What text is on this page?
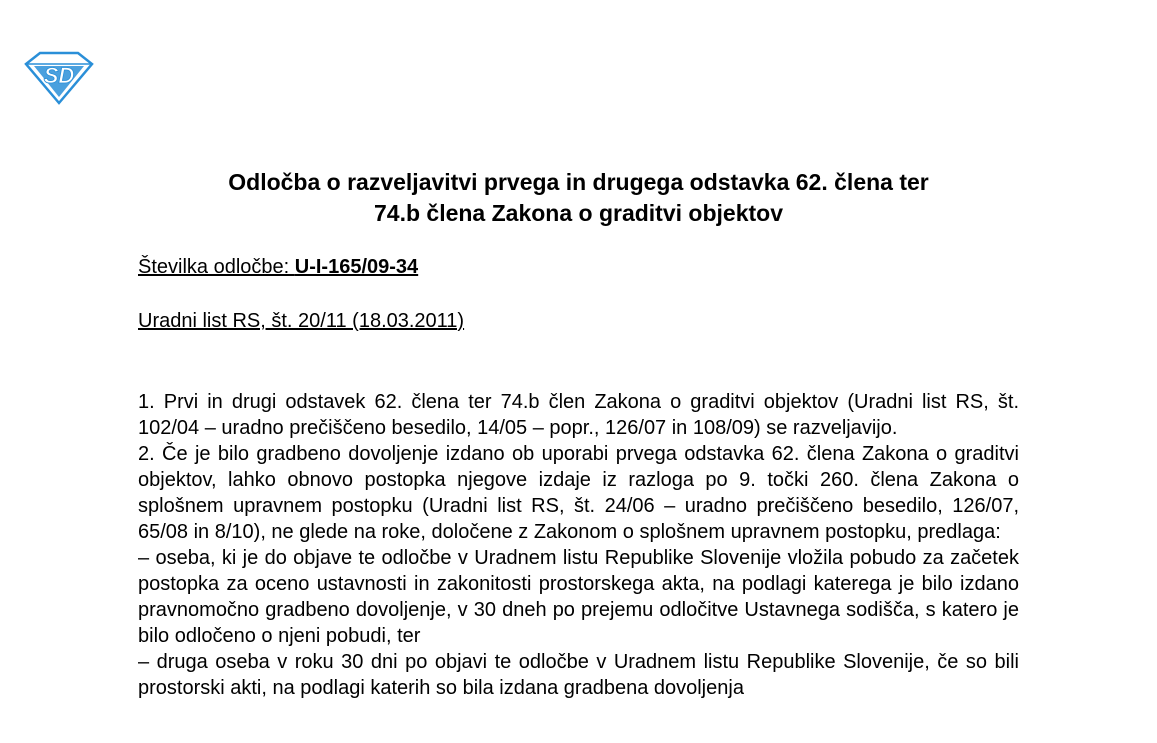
SD
Odločba o razveljavitvi prvega in drugega odstavka 62. člena ter
74.b člena Zakona o graditvi objektov
Številka odločbe: U-I-165/09-34
Uradni list RS, št. 20/11 (18.03.2011)

1. Prvi in drugi odstavek 62. člena ter 74.b člen Zakona o graditvi objektov (Uradni list RS, št. 102/04 – uradno prečiščeno besedilo, 14/05 – popr., 126/07 in 108/09) se razveljavijo.

2. Če je bilo gradbeno dovoljenje izdano ob uporabi prvega odstavka 62. člena Zakona o graditvi objektov, lahko obnovo postopka njegove izdaje iz razloga po 9. točki 260. člena Zakona o splošnem upravnem postopku (Uradni list RS, št. 24/06 – uradno prečiščeno besedilo, 126/07, 65/08 in 8/10), ne glede na roke, določene z Zakonom o splošnem upravnem postopku, predlaga:

– oseba, ki je do objave te odločbe v Uradnem listu Republike Slovenije vložila pobudo za začetek postopka za oceno ustavnosti in zakonitosti prostorskega akta, na podlagi katerega je bilo izdano pravnomočno gradbeno dovoljenje, v 30 dneh po prejemu odločitve Ustavnega sodišča, s katero je bilo odločeno o njeni pobudi, ter

– druga oseba v roku 30 dni po objavi te odločbe v Uradnem listu Republike Slovenije, če so bili prostorski akti, na podlagi katerih so bila izdana gradbena dovoljenja
